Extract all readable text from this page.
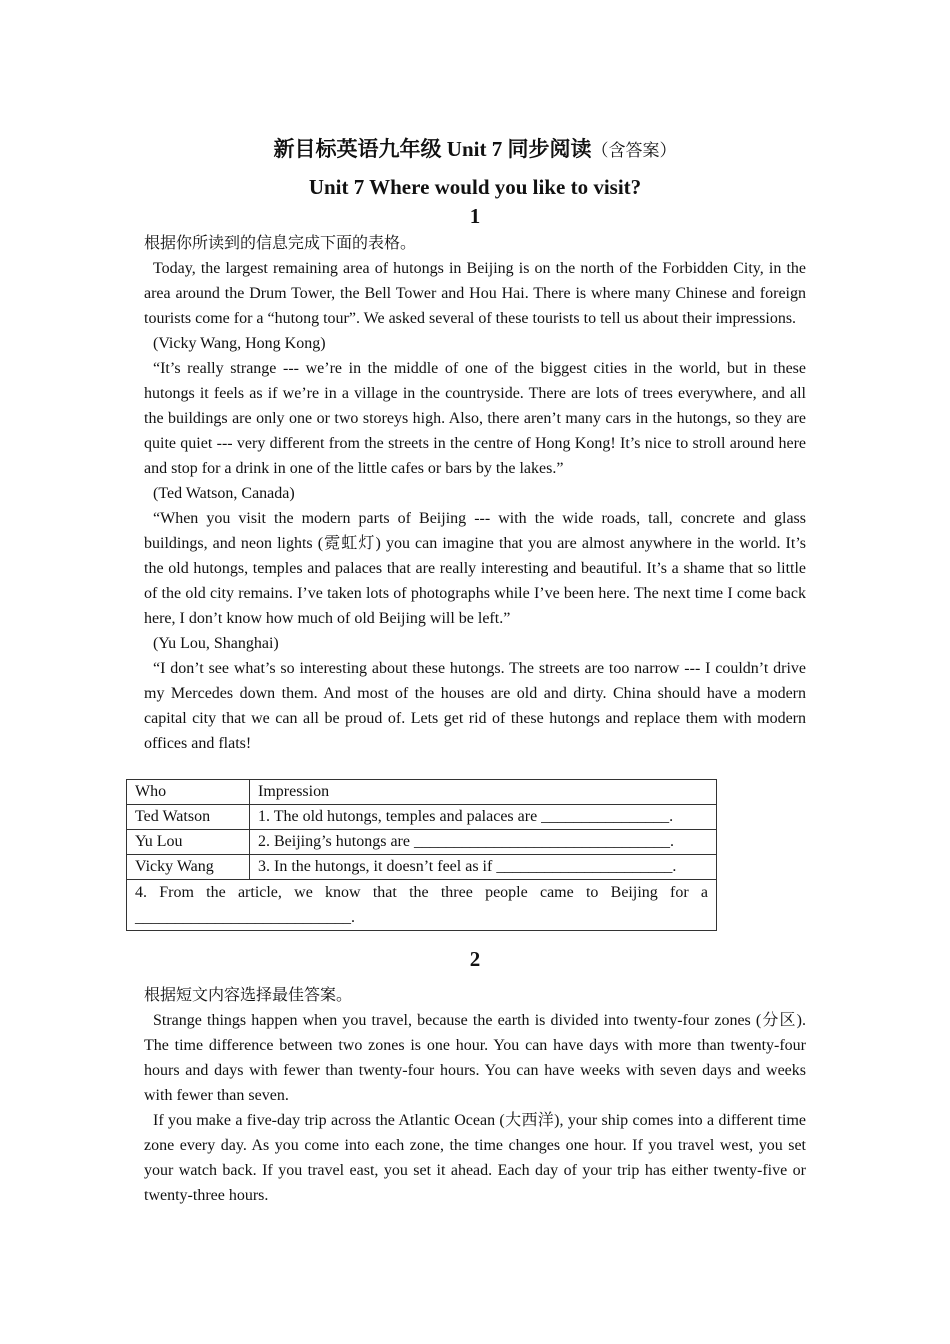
新目标英语九年级 Unit 7 同步阅读（含答案）
Unit 7 Where would you like to visit?
1

根据你所读到的信息完成下面的表格。

Today, the largest remaining area of hutongs in Beijing is on the north of the Forbidden City, in the area around the Drum Tower, the Bell Tower and Hou Hai. There is where many Chinese and foreign tourists come for a “hutong tour”. We asked several of these tourists to tell us about their impressions.

(Vicky Wang, Hong Kong)

“It’s really strange --- we’re in the middle of one of the biggest cities in the world, but in these hutongs it feels as if we’re in a village in the countryside. There are lots of trees everywhere, and all the buildings are only one or two storeys high. Also, there aren’t many cars in the hutongs, so they are quite quiet --- very different from the streets in the centre of Hong Kong! It’s nice to stroll around here and stop for a drink in one of the little cafes or bars by the lakes.”

(Ted Watson, Canada)

“When you visit the modern parts of Beijing --- with the wide roads, tall, concrete and glass buildings, and neon lights (霓虹灯) you can imagine that you are almost anywhere in the world. It’s the old hutongs, temples and palaces that are really interesting and beautiful. It’s a shame that so little of the old city remains. I’ve taken lots of photographs while I’ve been here. The next time I come back here, I don’t know how much of old Beijing will be left.”

(Yu Lou, Shanghai)

“I don’t see what’s so interesting about these hutongs. The streets are too narrow --- I couldn’t drive my Mercedes down them. And most of the houses are old and dirty. China should have a modern capital city that we can all be proud of. Lets get rid of these hutongs and replace them with modern offices and flats!

Who	Impression
Ted Watson	1. The old hutongs, temples and palaces are ________________.
Yu Lou	2. Beijing’s hutongs are ________________________________.
Vicky Wang	3. In the hutongs, it doesn’t feel as if ______________________.
4. From the article, we know that the three people came to Beijing for a ___________________________.	
2

根据短文内容选择最佳答案。

Strange things happen when you travel, because the earth is divided into twenty-four zones (分区). The time difference between two zones is one hour. You can have days with more than twenty-four hours and days with fewer than twenty-four hours. You can have weeks with seven days and weeks with fewer than seven.

If you make a five-day trip across the Atlantic Ocean (大西洋), your ship comes into a different time zone every day. As you come into each zone, the time changes one hour. If you travel west, you set your watch back. If you travel east, you set it ahead. Each day of your trip has either twenty-five or twenty-three hours.
